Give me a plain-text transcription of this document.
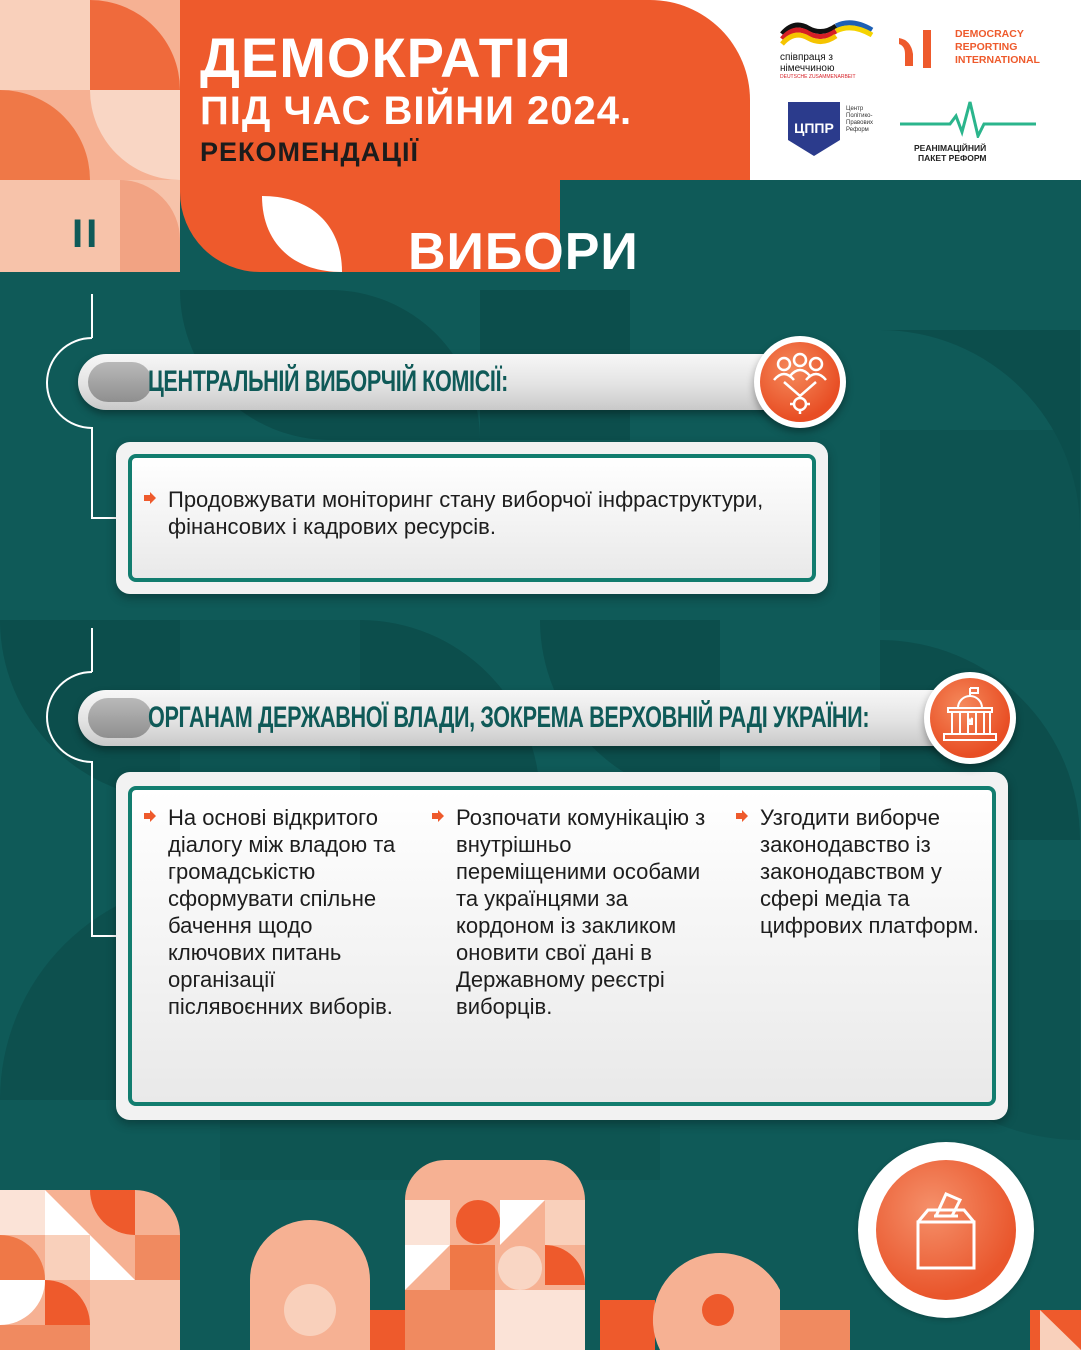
ДЕМОКРАТІЯ
ПІД ЧАС ВІЙНИ 2024.
РЕКОМЕНДАЦІЇ
співпраця з
німеччиною
DEUTSCHE ZUSAMMENARBEIT
DEMOCRACY
REPORTING
INTERNATIONAL
ЦППР
Центр
Політико-
Правових
Реформ
РЕАНІМАЦІЙНИЙ
ПАКЕТ РЕФОРМ
II	ВИБОРИ
ЦЕНТРАЛЬНІЙ ВИБОРЧІЙ КОМІСІЇ:
Продовжувати моніторинг стану виборчої інфраструктури, фінансових і кадрових ресурсів.
ОРГАНАМ ДЕРЖАВНОЇ ВЛАДИ, ЗОКРЕМА ВЕРХОВНІЙ РАДІ УКРАЇНИ:
На основі відкритого діалогу між владою та громадськістю сформувати спільне бачення щодо ключових питань організації післявоєнних виборів.
Розпочати комунікацію з внутрішньо переміщеними особами та українцями за кордоном із закликом оновити свої дані в Державному реєстрі виборців.
Узгодити виборче законодавство із законодавством у сфері медіа та цифрових платформ.
